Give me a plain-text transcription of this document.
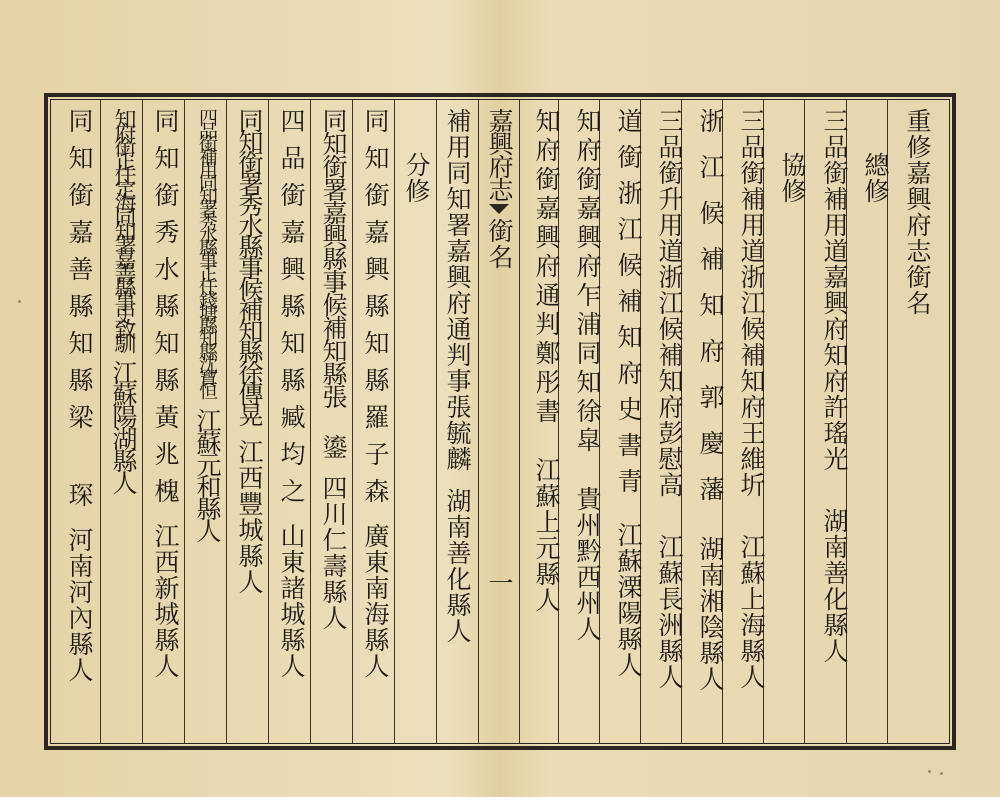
重修嘉興府志銜名
總修
三品銜補用道嘉興府知府許瑤光
湖南善化縣人
協修
三品銜補用道浙江候補知府王維圻
江蘇上海縣人
浙江候補知府郭慶藩
湖南湘陰縣人
三品銜升用道浙江候補知府彭慰高
江蘇長洲縣人
道銜浙江候補知府史書青
江蘇溧陽縣人
知府銜嘉興府乍浦同知徐皐
貴州黔西州人
知府銜嘉興府通判鄭彤書
江蘇上元縣人
嘉興府志
銜名
一
補用同知署嘉興府通判事張毓麟
湖南善化縣人
分修
同知銜嘉興縣知縣羅子森
廣東南海縣人
同知銜署嘉興縣事候補知縣張 鎏
四川仁壽縣人
四品銜嘉興縣知縣臧均之
山東諸城縣人
同知銜署秀水縣事候補知縣徐傳晃
江西豐城縣人
四品銜補用同知署秀水縣事正任錢塘縣知縣沈寶恒
江蘇元和縣人
同知銜秀水縣知縣黃兆槐
江西新城縣人
知府銜正任定海同知署嘉善縣事史致馴
江蘇陽湖縣人
同知銜嘉善縣知縣梁 琛
河南河內縣人
